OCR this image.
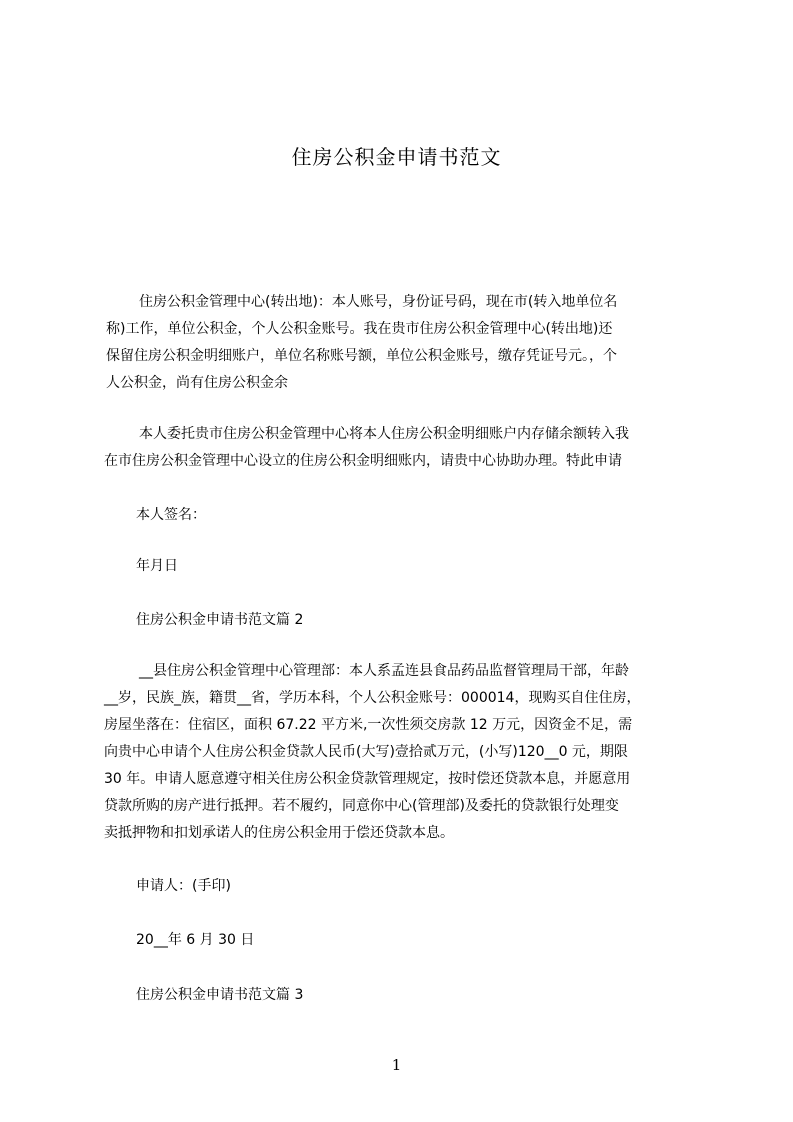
住房公积金申请书范文
住房公积金管理中心(转出地)：本人账号，身份证号码，现在市(转入地单位名
称)工作，单位公积金，个人公积金账号。我在贵市住房公积金管理中心(转出地)还
保留住房公积金明细账户，单位名称账号额，单位公积金账号，缴存凭证号元。，个
人公积金，尚有住房公积金余
本人委托贵市住房公积金管理中心将本人住房公积金明细账户内存储余额转入我
在市住房公积金管理中心设立的住房公积金明细账内，请贵中心协助办理。特此申请
本人签名：
年月日
住房公积金申请书范文篇 2
__县住房公积金管理中心管理部：本人系孟连县食品药品监督管理局干部，年龄
__岁，民族_族，籍贯__省，学历本科，个人公积金账号：000014，现购买自住住房，
房屋坐落在：住宿区，面积 67.22 平方米,一次性须交房款 12 万元，因资金不足，需
向贵中心申请个人住房公积金贷款人民币(大写)壹拾贰万元，(小写)120__0 元，期限
30 年。申请人愿意遵守相关住房公积金贷款管理规定，按时偿还贷款本息，并愿意用
贷款所购的房产进行抵押。若不履约，同意你中心(管理部)及委托的贷款银行处理变
卖抵押物和扣划承诺人的住房公积金用于偿还贷款本息。
申请人：(手印)
20__年 6 月 30 日
住房公积金申请书范文篇 3
1
